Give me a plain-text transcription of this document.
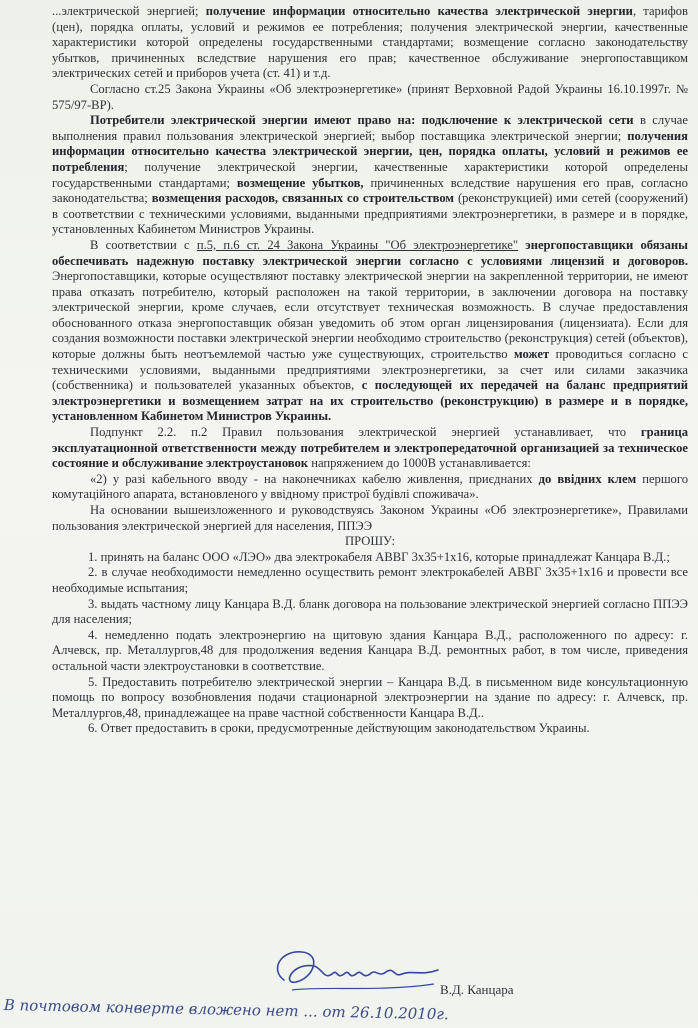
...электрической энергией; получение информации относительно качества электрической энергии, тарифов (цен), порядка оплаты, условий и режимов ее потребления; получения электрической энергии, качественные характеристики которой определены государственными стандартами; возмещение согласно законодательству убытков, причиненных вследствие нарушения его прав; качественное обслуживание энергопоставщиком электрических сетей и приборов учета (ст. 41) и т.д.

Согласно ст.25 Закона Украины «Об электроэнергетике» (принят Верховной Радой Украины 16.10.1997г. № 575/97-ВР).

Потребители электрической энергии имеют право на: подключение к электрической сети в случае выполнения правил пользования электрической энергией; выбор поставщика электрической энергии; получения информации относительно качества электрической энергии, цен, порядка оплаты, условий и режимов ее потребления; получение электрической энергии, качественные характеристики которой определены государственными стандартами; возмещение убытков, причиненных вследствие нарушения его прав, согласно законодательства; возмещения расходов, связанных со строительством (реконструкцией) ими сетей (сооружений) в соответствии с техническими условиями, выданными предприятиями электроэнергетики, в размере и в порядке, установленных Кабинетом Министров Украины.

В соответствии с п.5, п.6 ст. 24 Закона Украины "Об электроэнергетике" энергопоставщики обязаны обеспечивать надежную поставку электрической энергии согласно с условиями лицензий и договоров. Энергопоставщики, которые осуществляют поставку электрической энергии на закрепленной территории, не имеют права отказать потребителю, который расположен на такой территории, в заключении договора на поставку электрической энергии, кроме случаев, если отсутствует техническая возможность. В случае предоставления обоснованного отказа энергопоставщик обязан уведомить об этом орган лицензирования (лицензиата). Если для создания возможности поставки электрической энергии необходимо строительство (реконструкция) сетей (объектов), которые должны быть неотъемлемой частью уже существующих, строительство может проводиться согласно с техническими условиями, выданными предприятиями электроэнергетики, за счет или силами заказчика (собственника) и пользователей указанных объектов, с последующей их передачей на баланс предприятий электроэнергетики и возмещением затрат на их строительство (реконструкцию) в размере и в порядке, установленном Кабинетом Министров Украины.

Подпункт 2.2. п.2 Правил пользования электрической энергией устанавливает, что граница эксплуатационной ответственности между потребителем и электропередаточной организацией за техническое состояние и обслуживание электроустановок напряжением до 1000В устанавливается:

«2) у разі кабельного вводу - на наконечниках кабелю живлення, приєднаних до ввідних клем першого комутаційного апарата, встановленого у ввідному пристрої будівлі споживача».

На основании вышеизложенного и руководствуясь Законом Украины «Об электроэнергетике», Правилами пользования электрической энергией для населения, ППЭЭ

ПРОШУ:

1. принять на баланс ООО «ЛЭО» два электрокабеля АВВГ 3х35+1х16, которые принадлежат Канцара В.Д.;

2. в случае необходимости немедленно осуществить ремонт электрокабелей АВВГ 3х35+1х16 и провести все необходимые испытания;

3. выдать частному лицу Канцара В.Д. бланк договора на пользование электрической энергией согласно ППЭЭ для населения;

4. немедленно подать электроэнергию на щитовую здания Канцара В.Д., расположенного по адресу: г. Алчевск, пр. Металлургов,48 для продолжения ведения Канцара В.Д. ремонтных работ, в том числе, приведения остальной части электроустановки в соответствие.

5. Предоставить потребителю электрической энергии – Канцара В.Д. в письменном виде консультационную помощь по вопросу возобновления подачи стационарной электроэнергии на здание по адресу: г. Алчевск, пр. Металлургов,48, принадлежащее на праве частной собственности Канцара В.Д..

6. Ответ предоставить в сроки, предусмотренные действующим законодательством Украины.

В.Д. Канцара
В почтовом конверте вложено нет ... от 26.10.2010г.
